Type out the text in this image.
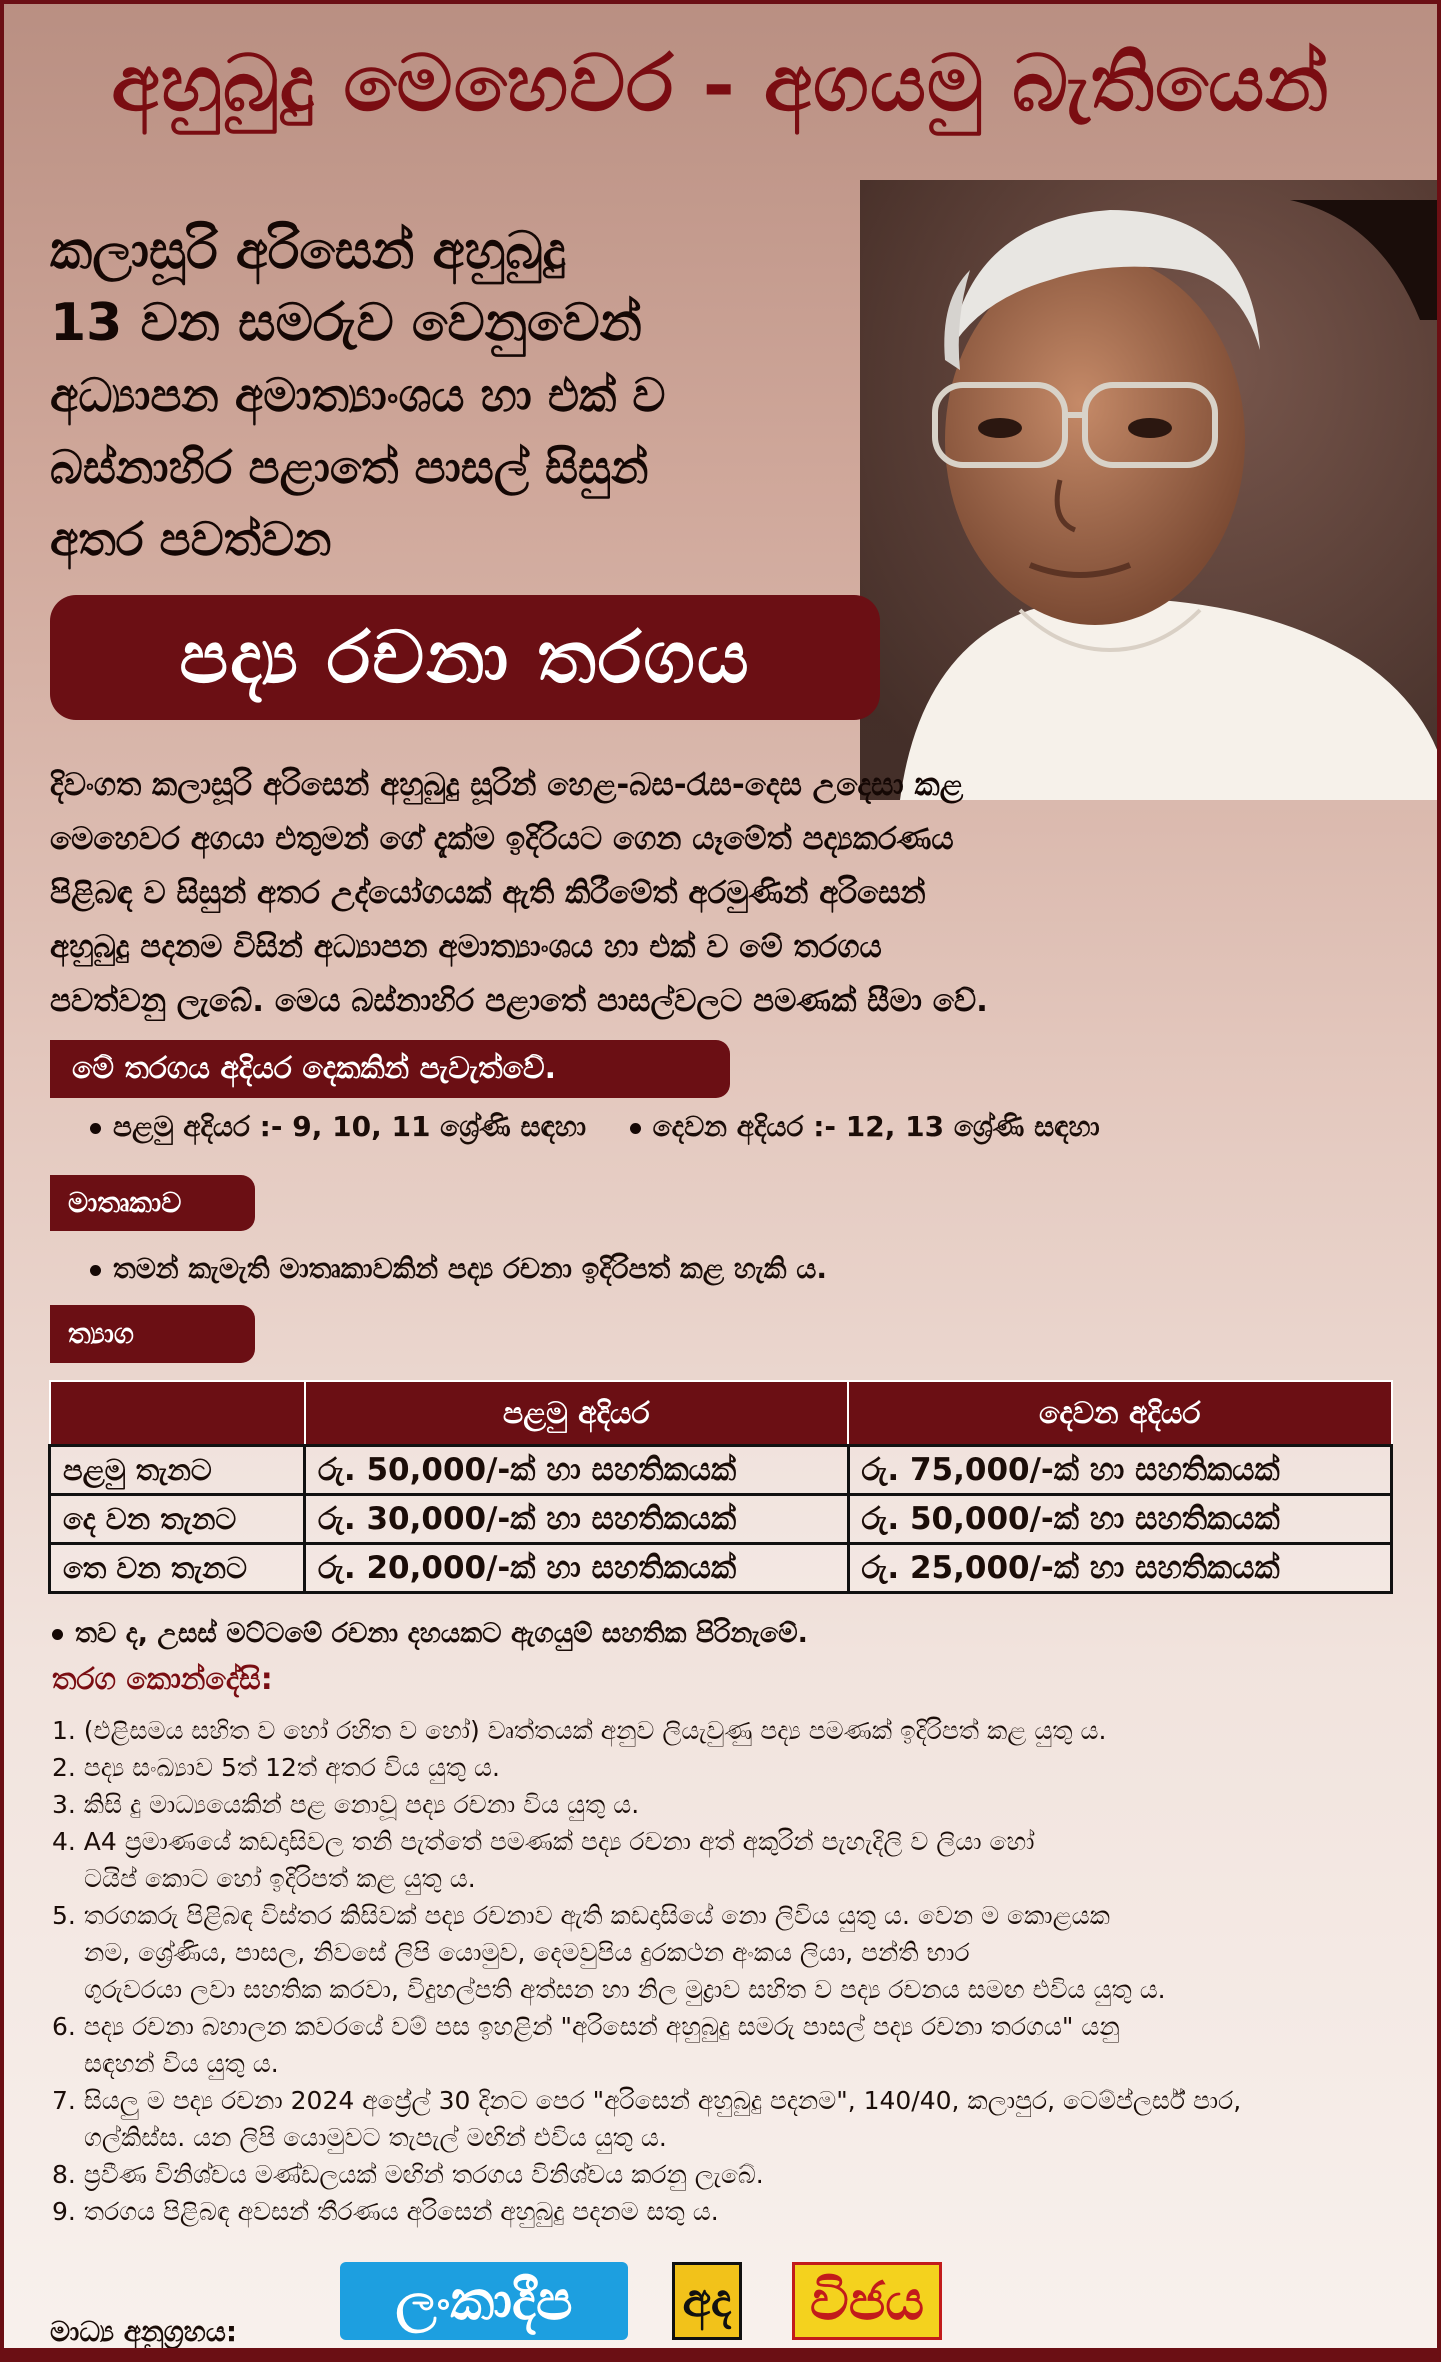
අහුබුදු මෙහෙවර - අගයමු බැතියෙන්
කලාසූරි අරිසෙන් අහුබුදු
13 වන සමරුව වෙනුවෙන්
අධ්‍යාපන අමාත්‍යාංශය හා එක් ව
බස්නාහිර පළාතේ පාසල් සිසුන්
අතර පවත්වන
පද්‍ය රචනා තරගය
දිවංගත කලාසූරි අරිසෙන් අහුබුදු සූරින් හෙළ-බස-රැස-දෙස උදෙසා කළ
මෙහෙවර අගයා එතුමන් ගේ දැක්ම ඉදිරියට ගෙන යෑමේත් පද්‍යකරණය
පිළිබඳ ව සිසුන් අතර උද්යෝගයක් ඇති කිරීමේත් අරමුණින් අරිසෙන්
අහුබුදු පදනම විසින් අධ්‍යාපන අමාත්‍යාංශය හා එක් ව මේ තරගය
පවත්වනු ලැබේ. මෙය බස්නාහිර පළාතේ පාසල්වලට පමණක් සීමා වේ.
මේ තරගය අදියර දෙකකින් පැවැත්වේ.
පළමු අදියර :- 9, 10, 11 ශ්‍රේණි සඳහා දෙවන අදියර :- 12, 13 ශ්‍රේණි සඳහා
මාතෘකාව
තමන් කැමැති මාතෘකාවකින් පද්‍ය රචනා ඉදිරිපත් කළ හැකි ය.
ත්‍යාග
	පළමු අදියර	දෙවන අදියර
පළමු තැනට	රු. 50,000/-ක් හා සහතිකයක්	රු. 75,000/-ක් හා සහතිකයක්
දෙ වන තැනට	රු. 30,000/-ක් හා සහතිකයක්	රු. 50,000/-ක් හා සහතිකයක්
තෙ වන තැනට	රු. 20,000/-ක් හා සහතිකයක්	රු. 25,000/-ක් හා සහතිකයක්
තව ද, උසස් මට්ටමේ රචනා දහයකට ඇගයුම් සහතික පිරිනැමේ.
තරග කොන්දේසි:
1. (එළිසමය සහිත ව හෝ රහිත ව හෝ) වෘත්තයක් අනුව ලියැවුණු පද්‍ය පමණක් ඉදිරිපත් කළ යුතු ය.
2. පද්‍ය සංඛ්‍යාව 5ත් 12ත් අතර විය යුතු ය.
3. කිසි දු මාධ්‍යයෙකින් පළ නොවූ පද්‍ය රචනා විය යුතු ය.
4. A4 ප්‍රමාණයේ කඩදාසිවල තනි පැත්තේ පමණක් පද්‍ය රචනා අත් අකුරින් පැහැදිලි ව ලියා හෝ
ටයිප් කොට හෝ ඉදිරිපත් කළ යුතු ය.
5. තරගකරු පිළිබඳ විස්තර කිසිවක් පද්‍ය රචනාව ඇති කඩදාසියේ නො ලිවිය යුතු ය. වෙන ම කොළයක
නම, ශ්‍රේණිය, පාසල, නිවසේ ලිපි යොමුව, දෙමවුපිය දුරකථන අංකය ලියා, පන්ති භාර
ගුරුවරයා ලවා සහතික කරවා, විදුහල්පති අත්සන හා නිල මුද්‍රාව සහිත ව පද්‍ය රචනය සමඟ එවිය යුතු ය.
6. පද්‍ය රචනා බහාලන කවරයේ වම් පස ඉහළින් "අරිසෙන් අහුබුදු සමරු පාසල් පද්‍ය රචනා තරගය" යනු
සඳහන් විය යුතු ය.
7. සියලු ම පද්‍ය රචනා 2024 අප්‍රේල් 30 දිනට පෙර "අරිසෙන් අහුබුදු පදනම", 140/40, කලාපුර, ටෙම්ප්ලර්ස් පාර,
ගල්කිස්ස. යන ලිපි යොමුවට තැපැල් මඟින් එවිය යුතු ය.
8. ප්‍රවීණ විනිශ්චය මණ්ඩලයක් මඟින් තරගය විනිශ්චය කරනු ලැබේ.
9. තරගය පිළිබඳ අවසන් තීරණය අරිසෙන් අහුබුදු පදනම සතු ය.
මාධ්‍ය අනුග්‍රහය:	ලංකාදීප	අද	විජය
